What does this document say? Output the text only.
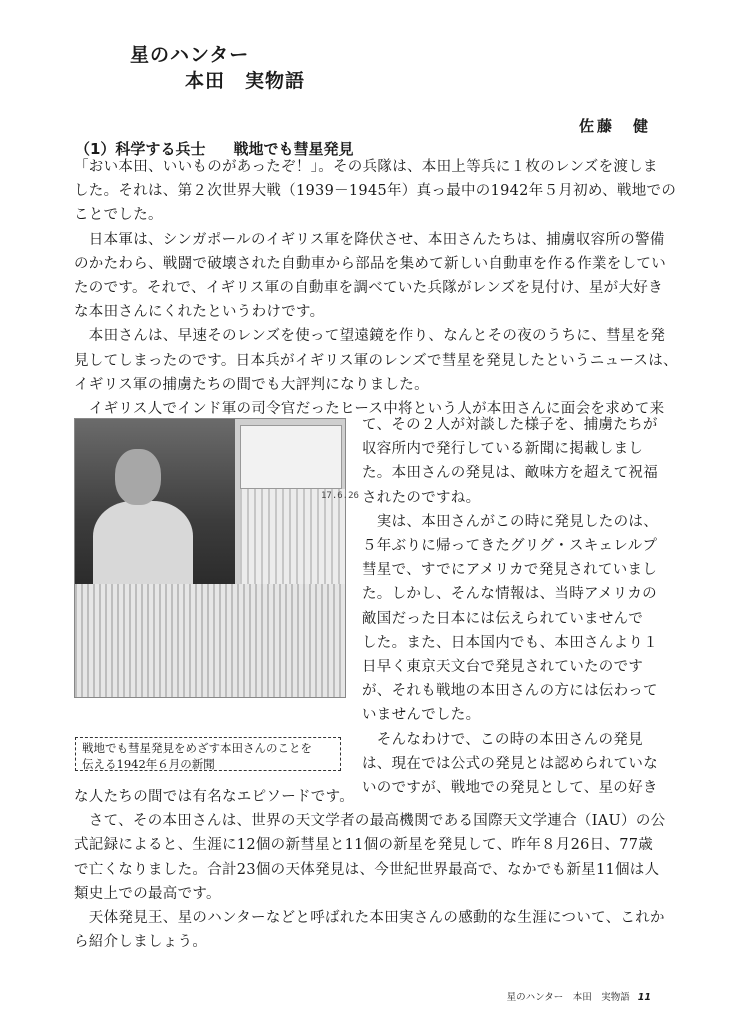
星のハンター
本田　実物語
佐藤　健
（1）科学する兵士 戦地でも彗星発見
「おい本田、いいものがあったぞ！」。その兵隊は、本田上等兵に１枚のレンズを渡しま
した。それは、第２次世界大戦（1939－1945年）真っ最中の1942年５月初め、戦地での
ことでした。
　日本軍は、シンガポールのイギリス軍を降伏させ、本田さんたちは、捕虜収容所の警備
のかたわら、戦闘で破壊された自動車から部品を集めて新しい自動車を作る作業をしてい
たのです。それで、イギリス軍の自動車を調べていた兵隊がレンズを見付け、星が大好き
な本田さんにくれたというわけです。
　本田さんは、早速そのレンズを使って望遠鏡を作り、なんとその夜のうちに、彗星を発
見してしまったのです。日本兵がイギリス軍のレンズで彗星を発見したというニュースは、
イギリス軍の捕虜たちの間でも大評判になりました。
　イギリス人でインド軍の司令官だったヒース中将という人が本田さんに面会を求めて来
17.6.26
戦地でも彗星発見をめざす本田さんのことを
伝える1942年６月の新聞
て、その２人が対談した様子を、捕虜たちが
収容所内で発行している新聞に掲載しまし
た。本田さんの発見は、敵味方を超えて祝福
されたのですね。
　実は、本田さんがこの時に発見したのは、
５年ぶりに帰ってきたグリグ・スキェレルプ
彗星で、すでにアメリカで発見されていまし
た。しかし、そんな情報は、当時アメリカの
敵国だった日本には伝えられていませんで
した。また、日本国内でも、本田さんより１
日早く東京天文台で発見されていたのです
が、それも戦地の本田さんの方には伝わって
いませんでした。
　そんなわけで、この時の本田さんの発見
は、現在では公式の発見とは認められていな
いのですが、戦地での発見として、星の好き
な人たちの間では有名なエピソードです。
　さて、その本田さんは、世界の天文学者の最高機関である国際天文学連合（IAU）の公
式記録によると、生涯に12個の新彗星と11個の新星を発見して、昨年８月26日、77歳
で亡くなりました。合計23個の天体発見は、今世紀世界最高で、なかでも新星11個は人
類史上での最高です。
　天体発見王、星のハンターなどと呼ばれた本田実さんの感動的な生涯について、これか
ら紹介しましょう。
星のハンター　本田　実物語 11
